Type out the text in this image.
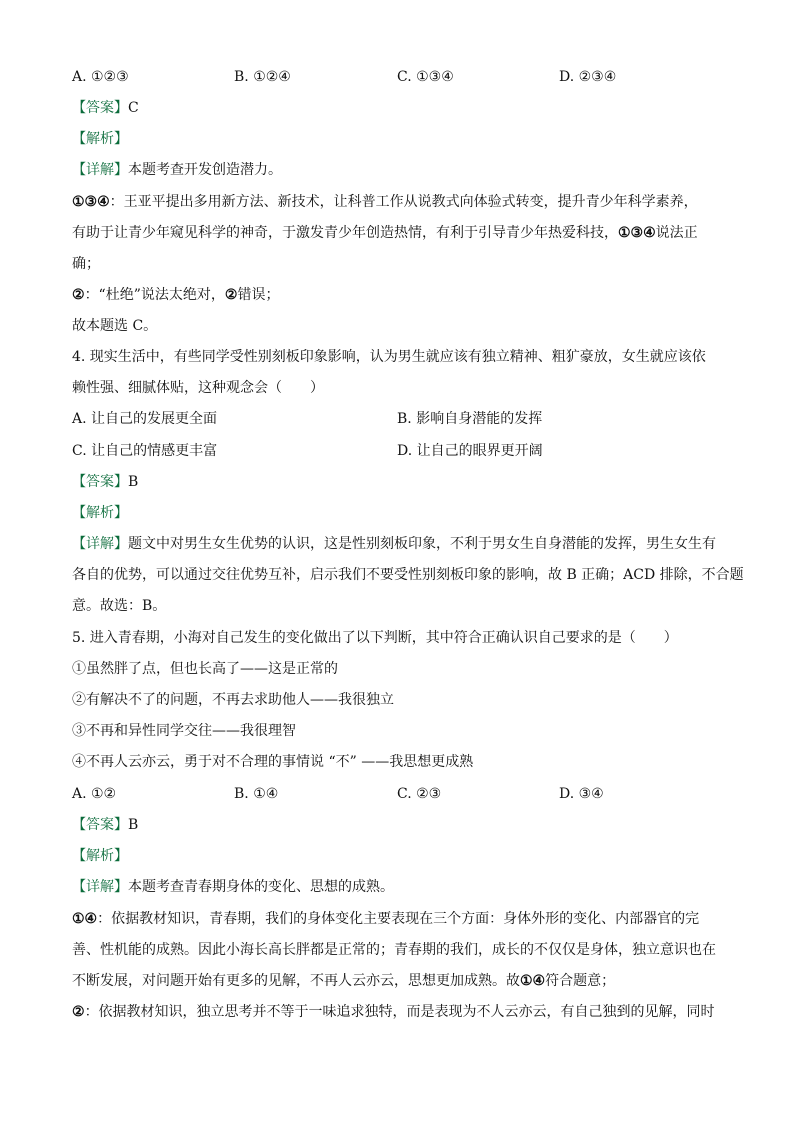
A. ①②③	B. ①②④	C. ①③④	D. ②③④
【答案】C
【解析】
【详解】本题考查开发创造潜力。
①③④：王亚平提出多用新方法、新技术，让科普工作从说教式向体验式转变，提升青少年科学素养，
有助于让青少年窥见科学的神奇，于激发青少年创造热情，有利于引导青少年热爱科技，①③④说法正
确；
②：“杜绝”说法太绝对，②错误；
故本题选 C。
4. 现实生活中，有些同学受性别刻板印象影响，认为男生就应该有独立精神、粗犷豪放，女生就应该依
赖性强、细腻体贴，这种观念会（　　）
A. 让自己的发展更全面	B. 影响自身潜能的发挥
C. 让自己的情感更丰富	D. 让自己的眼界更开阔
【答案】B
【解析】
【详解】题文中对男生女生优势的认识，这是性别刻板印象，不利于男女生自身潜能的发挥，男生女生有
各自的优势，可以通过交往优势互补，启示我们不要受性别刻板印象的影响，故 B 正确；ACD 排除，不合题
意。故选：B。
5. 进入青春期，小海对自己发生的变化做出了以下判断，其中符合正确认识自己要求的是（　　）
①虽然胖了点，但也长高了——这是正常的
②有解决不了的问题，不再去求助他人——我很独立
③不再和异性同学交往——我很理智
④不再人云亦云，勇于对不合理的事情说 “不” ——我思想更成熟
A. ①②	B. ①④	C. ②③	D. ③④
【答案】B
【解析】
【详解】本题考查青春期身体的变化、思想的成熟。
①④：依据教材知识，青春期，我们的身体变化主要表现在三个方面：身体外形的变化、内部器官的完
善、性机能的成熟。因此小海长高长胖都是正常的；青春期的我们，成长的不仅仅是身体，独立意识也在
不断发展，对问题开始有更多的见解，不再人云亦云，思想更加成熟。故①④符合题意；
②：依据教材知识，独立思考并不等于一味追求独特，而是表现为不人云亦云，有自己独到的见解，同时
